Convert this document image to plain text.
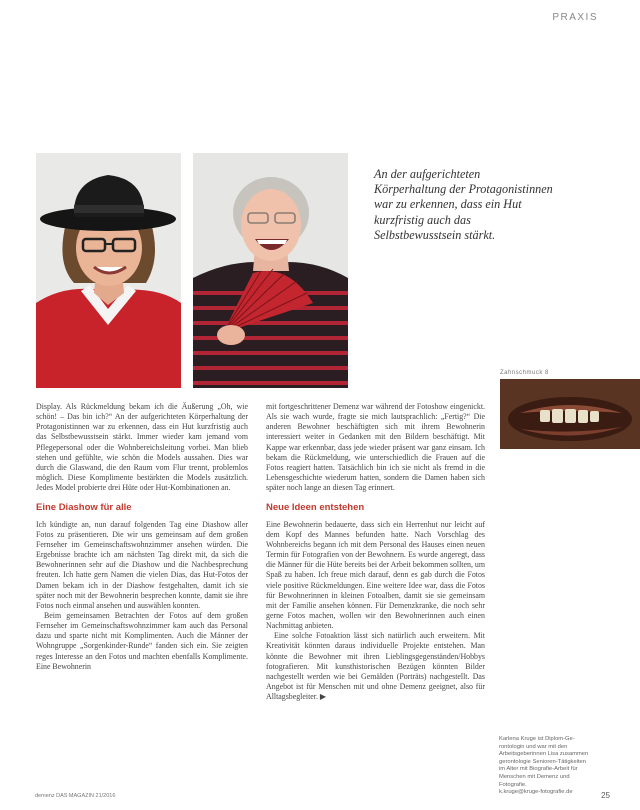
PRAXIS
An der aufgerichteten Körperhaltung der Protagonistinnen war zu erkennen, dass ein Hut kurzfristig auch das Selbstbewusstsein stärkt.
Zahnschmuck 8

Display. Als Rückmeldung bekam ich die Äußerung „Oh, wie schön! – Das bin ich?“ An der aufgerichteten Körperhaltung der Protagonistinnen war zu erkennen, dass ein Hut kurzfristig auch das Selbstbewusstsein stärkt. Immer wieder kam jemand vom Pflegepersonal oder die Wohnbereichsleitung vorbei. Man blieb stehen und gefühlte, wie schön die Models aussahen. Dies war durch die Glaswand, die den Raum vom Flur trennt, problemlos möglich. Diese Komplimente bestärkten die Models zusätzlich. Jedes Model probierte drei Hüte oder Hut-Kombinationen an.

Eine Diashow für alle

Ich kündigte an, nun darauf folgenden Tag eine Diashow aller Fotos zu präsentieren. Die wir uns gemeinsam auf dem großen Fernseher im Gemeinschaftswohnzimmer ansehen würden. Die Ergebnisse brachte ich am nächsten Tag direkt mit, da sich die Bewohnerinnen sehr auf die Diashow und die Nachbesprechung freuten. Ich hatte gern Namen die vielen Dias, das Hut-Fotos der Damen bekam ich in der Diashow festgehalten, damit ich sie später noch mit der Bewohnerin besprechen konnte, damit sie ihre Fotos noch einmal ansehen und auswählen konnten.

Beim gemeinsamen Betrachten der Fotos auf dem großen Fernseher im Gemeinschaftswohnzimmer kam auch das Personal dazu und sparte nicht mit Komplimenten. Auch die Männer der Wohngruppe „Sorgenkinder-Runde“ fanden sich ein. Sie zeigten reges Interesse an den Fotos und machten ebenfalls Komplimente. Eine Bewohnerin

mit fortgeschrittener Demenz war während der Fotoshow eingenickt. Als sie wach wurde, fragte sie mich lautsprachlich: „Fertig?“ Die anderen Bewohner beschäftigten sich mit ihrem Bewohnerin interessiert weiter in Gedanken mit den Bildern beschäftigt. Mit Kappe war erkennbar, dass jede wieder präsent war ganz einsam. Ich bekam die Rückmeldung, wie unterschiedlich die Frauen auf die Fotos reagiert hatten. Tatsächlich bin ich sie nicht als fremd in die Lebensgeschichte wiederum hatten, sondern die Damen haben sich später noch lange an diesen Tag erinnert.

Neue Ideen entstehen

Eine Bewohnerin bedauerte, dass sich ein Herrenhut nur leicht auf dem Kopf des Mannes befunden hatte. Nach Vorschlag des Wohnbereichs begann ich mit dem Personal des Hauses einen neuen Termin für Fotografien von der Bewohnern. Es wurde angeregt, dass die Männer für die Hüte bereits bei der Arbeit bekommen sollten, um Spaß zu haben. Ich freue mich darauf, denn es gab durch die Fotos viele positive Rückmeldungen. Eine weitere Idee war, dass die Fotos für Bewohnerinnen in kleinen Fotoalben, damit sie sie gemeinsam mit der Familie ansehen können. Für Demenzkranke, die noch sehr gerne Fotos machen, wollen wir den Bewohnerinnen auch einen Nachmittag anbieten.

Eine solche Fotoaktion lässt sich natürlich auch erweitern. Mit Kreativität könnten daraus individuelle Projekte entstehen. Man könnte die Bewohner mit ihren Lieblingsgegenständen/Hobbys fotografieren. Mit kunsthistorischen Bezügen könnten Bilder nachgestellt werden wie bei Gemälden (Porträts) nachgestellt. Das Angebot ist für Menschen mit und ohne Demenz geeignet, also für Alltagsbegleiter. ▶

Karlena Kruge ist Diplom-Ge-
rontologin und war mit den
Arbeitsgeberinnen Lisa zusammen
gerontologie Senioren-Tätigkeiten
im Alter mit Biografie-Arbeit für
Menschen mit Demenz und
Fotografie.
k.kruge@kruge-fotografie.de
demenz DAS MAGAZIN 21/2016	25
